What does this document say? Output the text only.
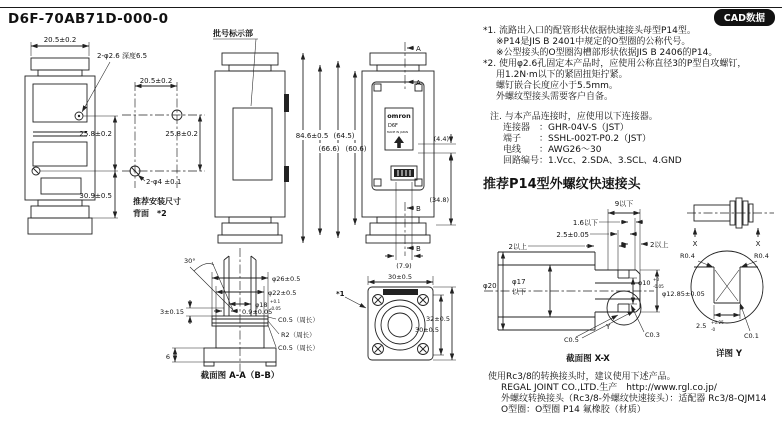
D6F-70AB71D-000-0	CAD数据
20.5±0.2
2-φ2.6 深度6.5
25.8±0.2
30.9±0.5
20.5±0.2
25.8±0.2
2-φ4 ±0.1
推荐安装尺寸
背面　*2
批号标示部
84.6±0.5 (64.5)
(66.6) (60.6)
omron
D6F
MADE IN JAPAN
A
A
B
B
(4.4)
(34.8)
(7.9)
30°
φ26±0.5
φ22±0.5
φ18 +0.1
-0.05
3±0.15	0.9±0.05
C0.5（周长）
R2（周长）
C0.5（周长）
6
截面图 A-A（B-B）
30±0.5
32±0.5
30±0.5
*1
*1. 流路出入口的配管形状依据快速接头母型P14型。
※P14是JIS B 2401中规定的O型圈的公称代号。
※公型接头的O型圈沟槽部形状依据JIS B 2406的P14。
*2. 使用φ2.6孔固定本产品时，应使用公称直径3的P型自攻螺钉，
用1.2N·m以下的紧固扭矩拧紧。
螺钉嵌合长度应小于5.5mm。
外螺纹型接头需要客户自备。
注. 与本产品连接时，应使用以下连接器。
连接器　：GHR-04V-S（JST）
端子　　：SSHL-002T-P0.2（JST）
电线　　：AWG26～30
回路编号：1.Vcc、2.SDA、3.SCL、4.GND
推荐P14型外螺纹快速接头
Y
C0.3
C0.5
φ20 φ17
以下
9以下
1.6以下
2.5±0.05
2以上	2以上
φ10 +0
-0.05
φ12.85±0.05
截面图 X-X
X	X
R0.4	R0.4
C0.1
2.5 +0.25
-0
详图 Y
使用Rc3/8的转换接头时，建议使用下述产品。
REGAL JOINT CO.,LTD.生产　http://www.rgl.co.jp/
外螺纹转换接头（Rc3/8-外螺纹快速接头）：适配器 Rc3/8-QJM14
O型圈：O型圈 P14 氟橡胶（材质）
